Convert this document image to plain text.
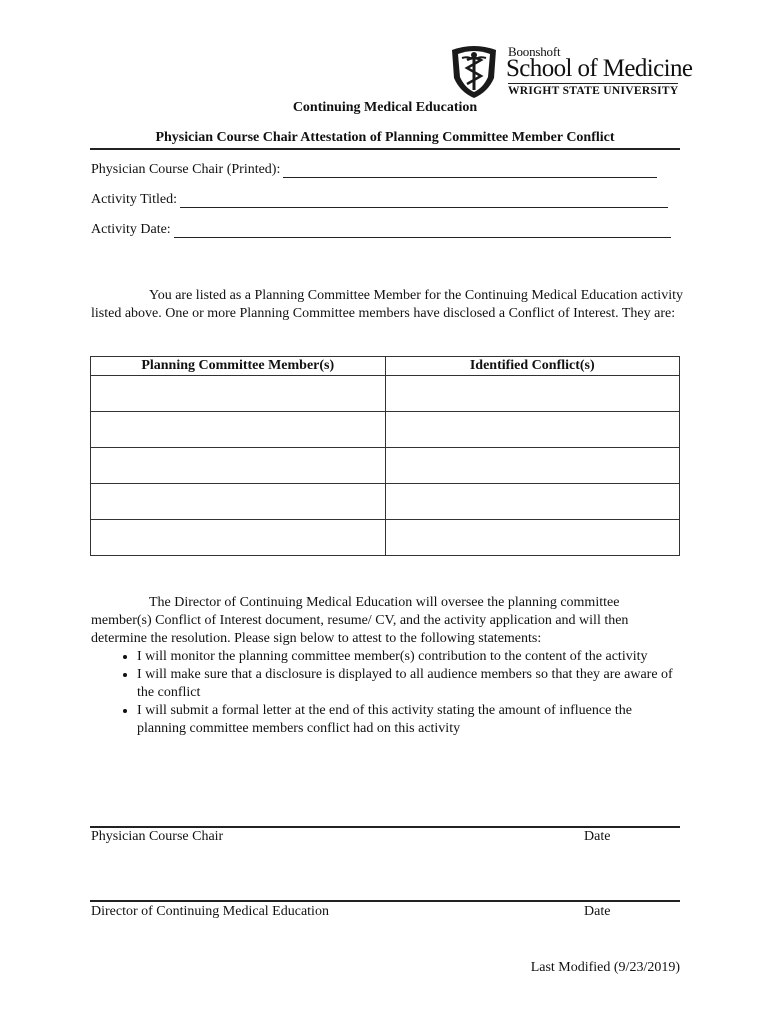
Boonshoft
School of Medicine
WRIGHT STATE UNIVERSITY
Continuing Medical Education
Physician Course Chair Attestation of Planning Committee Member Conflict
Physician Course Chair (Printed):
Activity Titled:
Activity Date:
You are listed as a Planning Committee Member for the Continuing Medical Education activity listed above. One or more Planning Committee members have disclosed a Conflict of Interest. They are:
Planning Committee Member(s)	Identified Conflict(s)

The Director of Continuing Medical Education will oversee the planning committee member(s) Conflict of Interest document, resume/ CV, and the activity application and will then determine the resolution. Please sign below to attest to the following statements:
• I will monitor the planning committee member(s) contribution to the content of the activity
• I will make sure that a disclosure is displayed to all audience members so that they are aware of the conflict
• I will submit a formal letter at the end of this activity stating the amount of influence the planning committee members conflict had on this activity
Physician Course Chair	Date
Director of Continuing Medical Education	Date
Last Modified (9/23/2019)
